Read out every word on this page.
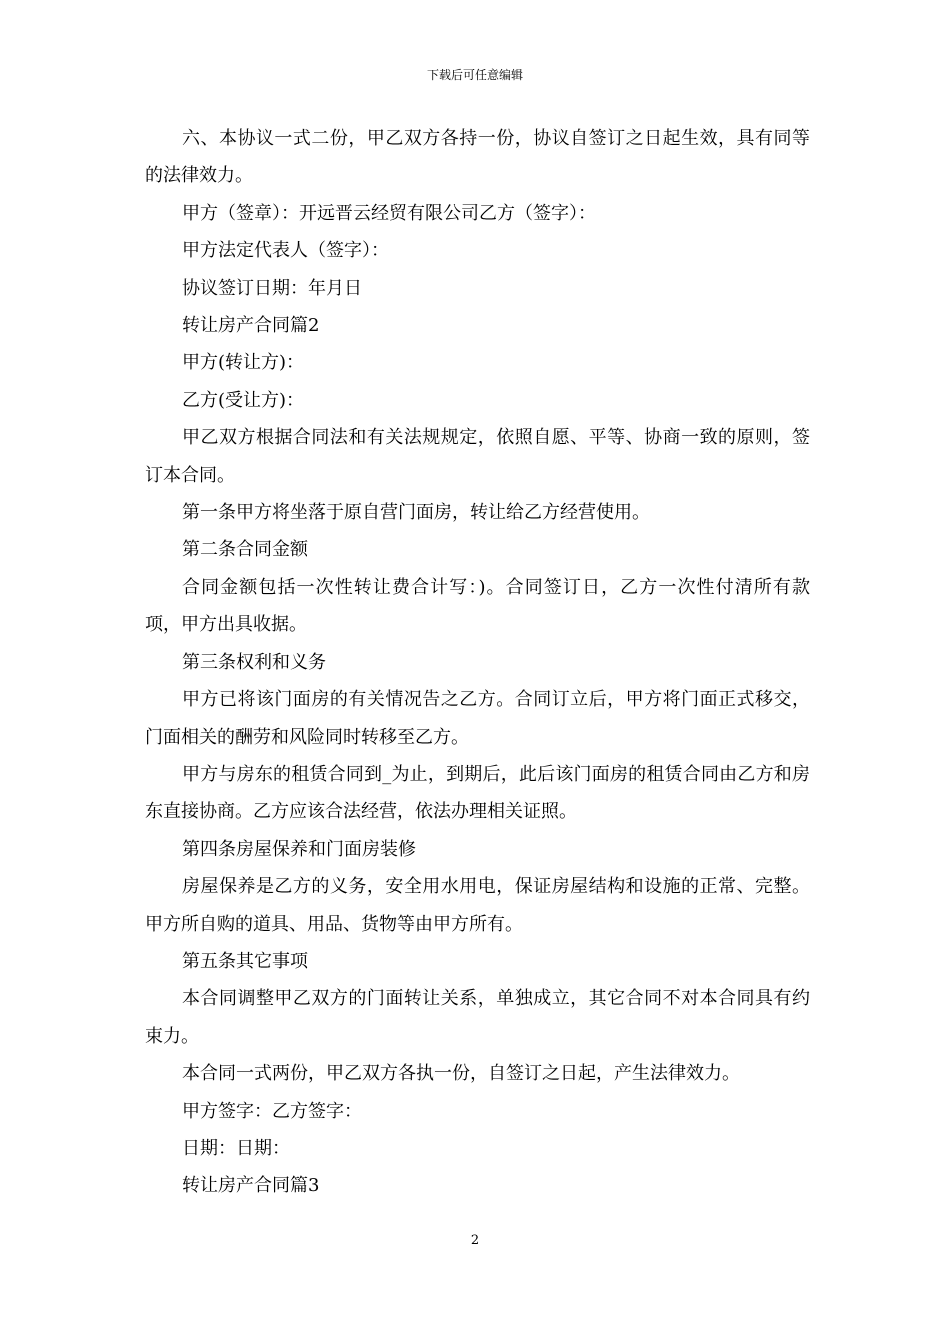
下载后可任意编辑
六、本协议一式二份，甲乙双方各持一份，协议自签订之日起生效，具有同等的法律效力。
甲方（签章）：开远晋云经贸有限公司乙方（签字）：
甲方法定代表人（签字）：
协议签订日期：年月日
转让房产合同篇2
甲方(转让方)：
乙方(受让方)：
甲乙双方根据合同法和有关法规规定，依照自愿、平等、协商一致的原则，签订本合同。
第一条甲方将坐落于原自营门面房，转让给乙方经营使用。
第二条合同金额
合同金额包括一次性转让费合计写：)。合同签订日，乙方一次性付清所有款项，甲方出具收据。
第三条权利和义务
甲方已将该门面房的有关情况告之乙方。合同订立后，甲方将门面正式移交，门面相关的酬劳和风险同时转移至乙方。
甲方与房东的租赁合同到_为止，到期后，此后该门面房的租赁合同由乙方和房东直接协商。乙方应该合法经营，依法办理相关证照。
第四条房屋保养和门面房装修
房屋保养是乙方的义务，安全用水用电，保证房屋结构和设施的正常、完整。甲方所自购的道具、用品、货物等由甲方所有。
第五条其它事项
本合同调整甲乙双方的门面转让关系，单独成立，其它合同不对本合同具有约束力。
本合同一式两份，甲乙双方各执一份，自签订之日起，产生法律效力。
甲方签字：乙方签字：
日期：日期：
转让房产合同篇3
2
